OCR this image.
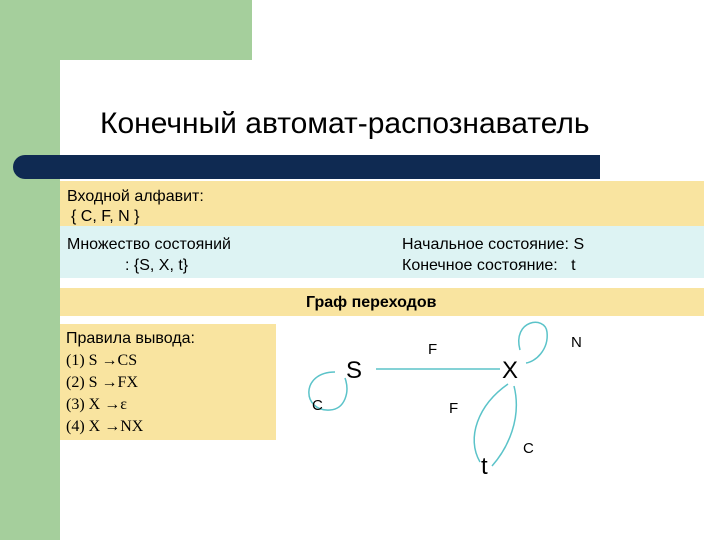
Конечный автомат-распознаватель
Входной алфавит:
{ C, F, N }
Множество состояний
: {S, X, t}
Начальное состояние: S
Конечное состояние:   t
Граф переходов
Правила вывода:
(1) S →CS
(2) S →FX
(3) X →ε
(4) X →NX
S	X
t
F	N
C	F
C
